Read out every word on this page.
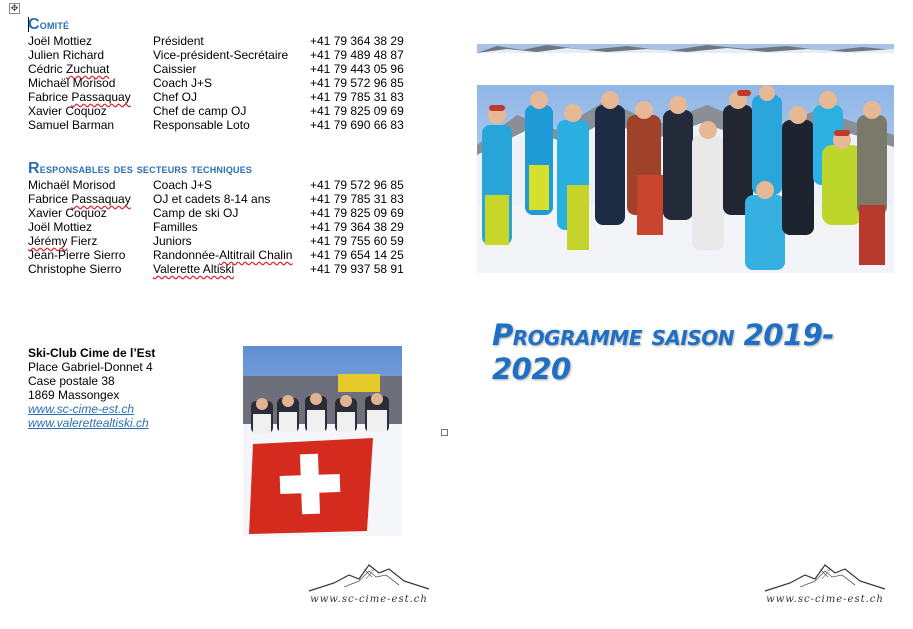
✥
Comité
Joël Mottiez	Président	+41 79 364 38 29
Julien Richard	Vice-président-Secrétaire	+41 79 489 48 87
Cédric Zuchuat	Caissier	+41 79 443 05 96
Michaël Morisod	Coach J+S	+41 79 572 96 85
Fabrice Passaquay	Chef OJ	+41 79 785 31 83
Xavier Coquoz	Chef de camp OJ	+41 79 825 09 69
Samuel Barman	Responsable Loto	+41 79 690 66 83
Responsables des secteurs techniques
Michaël Morisod	Coach J+S	+41 79 572 96 85
Fabrice Passaquay	OJ et cadets 8-14 ans	+41 79 785 31 83
Xavier Coquoz	Camp de ski OJ	+41 79 825 09 69
Joël Mottiez	Familles	+41 79 364 38 29
Jérémy Fierz	Juniors	+41 79 755 60 59
Jean-Pierre Sierro	Randonnée-Altitrail Chalin	+41 79 654 14 25
Christophe Sierro	Valerette Altiski	+41 79 937 58 91
Ski-Club Cime de l’Est
Place Gabriel-Donnet 4
Case postale 38
1869 Massongex
www.sc-cime-est.ch
www.valerettealtiski.ch
Programme saison 2019-2020
www.sc-cime-est.ch	www.sc-cime-est.ch
